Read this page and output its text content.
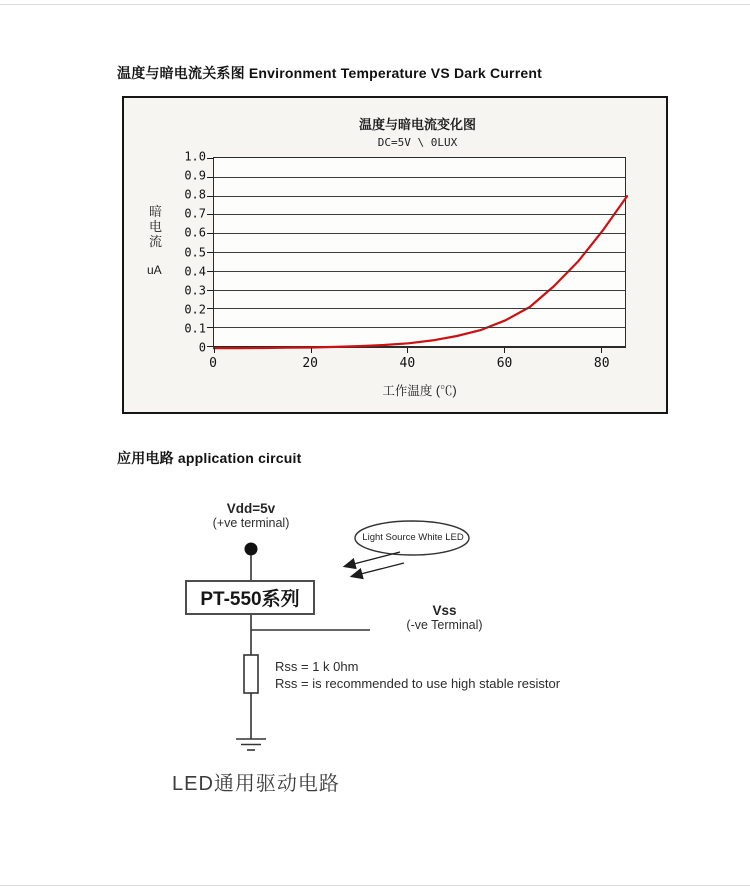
温度与暗电流关系图 Environment Temperature VS Dark Current
温度与暗电流变化图
DC=5V \ 0LUX
暗电流
uA
1.0
0.9
0.8
0.7
0.6
0.5
0.4
0.3
0.2
0.1
0
0	20	40	60	80
工作温度 (℃)
应用电路 application circuit
Vdd=5v
(+ve terminal)
PT-550系列
Light Source White LED
Vss
(-ve Terminal)
Rss = 1 k 0hm
Rss = is recommended to use high stable resistor
LED通用驱动电路
